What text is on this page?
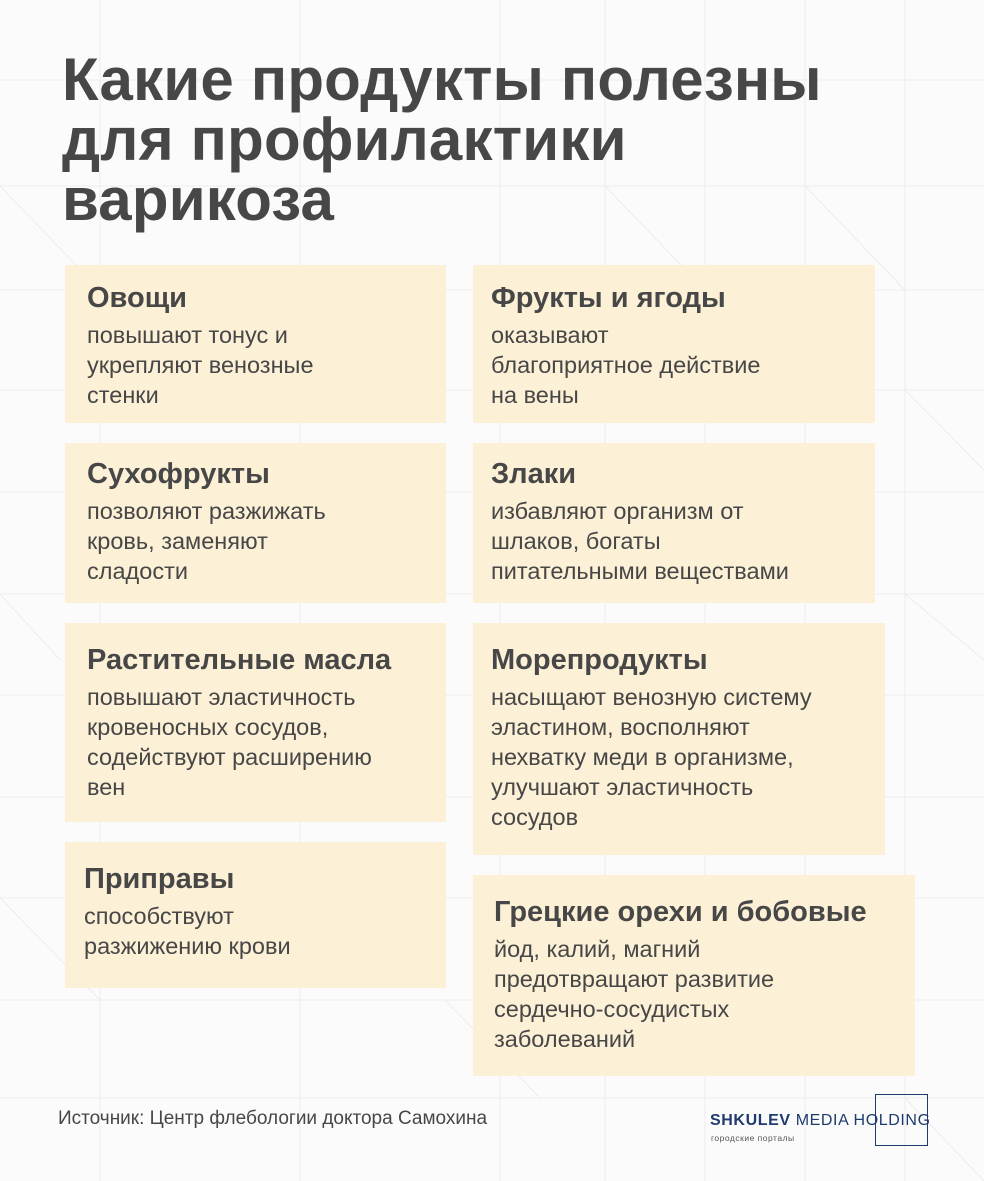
Какие продукты полезны
для профилактики
варикоза
Овощи
повышают тонус и
укрепляют венозные
стенки
Фрукты и ягоды
оказывают
благоприятное действие
на вены
Сухофрукты
позволяют разжижать
кровь, заменяют
сладости
Злаки
избавляют организм от
шлаков, богаты
питательными веществами
Растительные масла
повышают эластичность
кровеносных сосудов,
содействуют расширению
вен
Морепродукты
насыщают венозную систему
эластином, восполняют
нехватку меди в организме,
улучшают эластичность
сосудов
Приправы
способствуют
разжижению крови
Грецкие орехи и бобовые
йод, калий, магний
предотвращают развитие
сердечно-сосудистых
заболеваний
Источник: Центр флебологии доктора Самохина	SHKULEV MEDIA HOLDING
городские порталы
